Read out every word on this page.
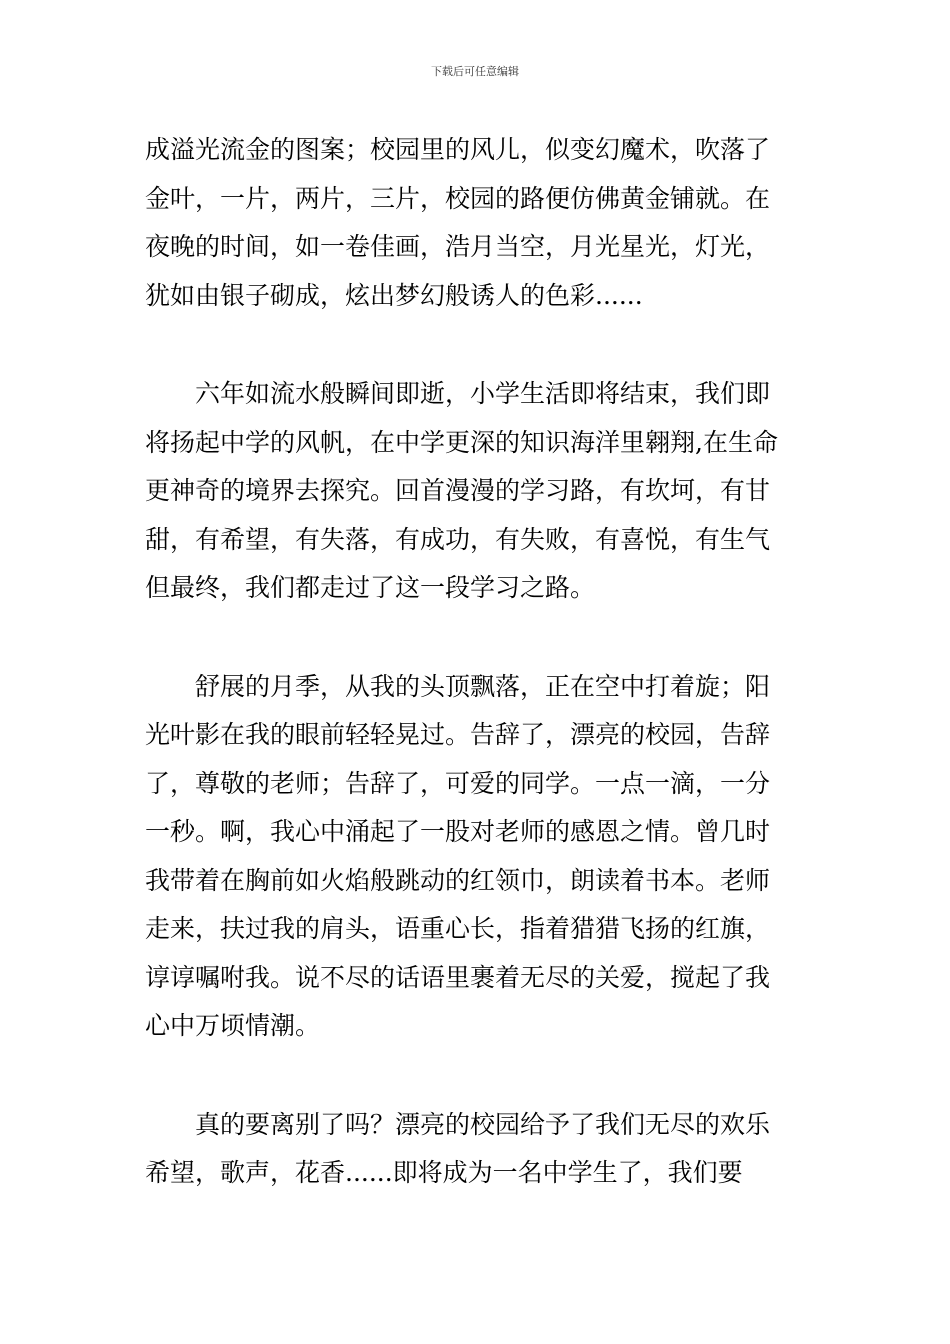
下载后可任意编辑
成溢光流金的图案；校园里的风儿，似变幻魔术，吹落了
金叶，一片，两片，三片，校园的路便仿佛黄金铺就。在
夜晚的时间，如一卷佳画，浩月当空，月光星光，灯光，
犹如由银子砌成，炫出梦幻般诱人的色彩......
六年如流水般瞬间即逝，小学生活即将结束，我们即
将扬起中学的风帆，在中学更深的知识海洋里翱翔,在生命
更神奇的境界去探究。回首漫漫的学习路，有坎坷，有甘
甜，有希望，有失落，有成功，有失败，有喜悦，有生气
但最终，我们都走过了这一段学习之路。
舒展的月季，从我的头顶飘落，正在空中打着旋；阳
光叶影在我的眼前轻轻晃过。告辞了，漂亮的校园，告辞
了，尊敬的老师；告辞了，可爱的同学。一点一滴，一分
一秒。啊，我心中涌起了一股对老师的感恩之情。曾几时
我带着在胸前如火焰般跳动的红领巾，朗读着书本。老师
走来，扶过我的肩头，语重心长，指着猎猎飞扬的红旗，
谆谆嘱咐我。说不尽的话语里裹着无尽的关爱，搅起了我
心中万顷情潮。
真的要离别了吗？漂亮的校园给予了我们无尽的欢乐
希望，歌声，花香......即将成为一名中学生了，我们要
